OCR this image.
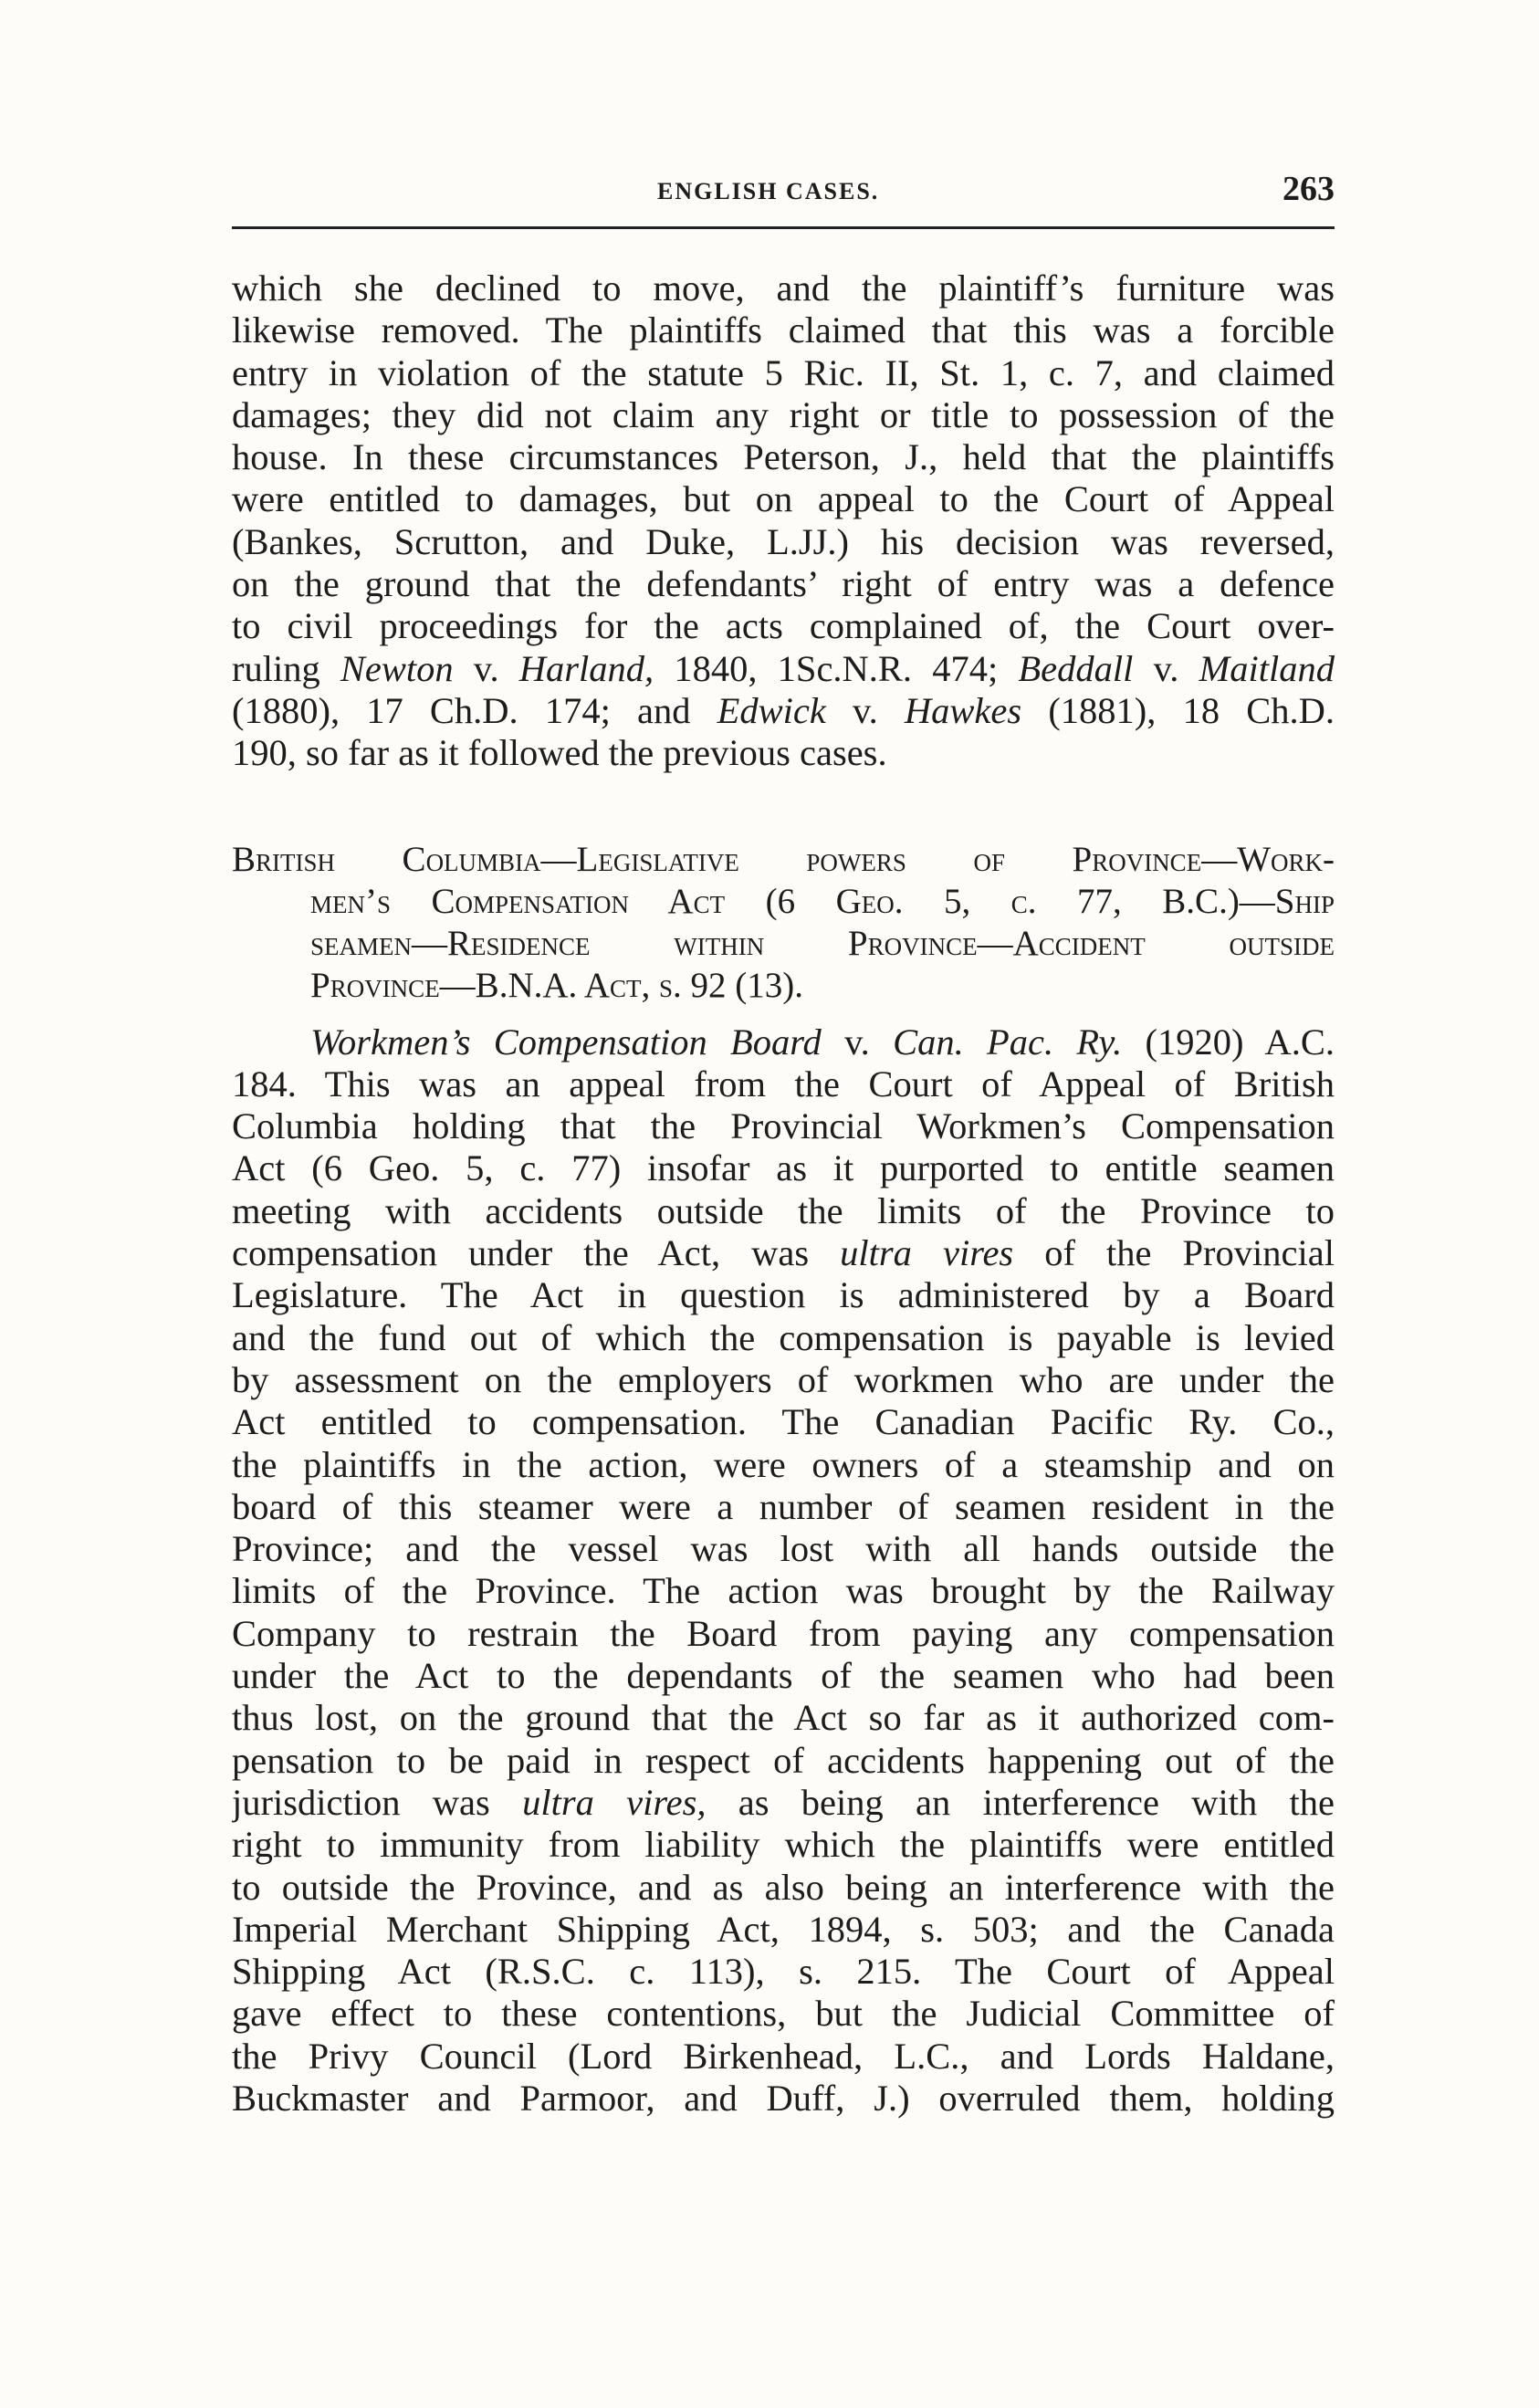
ENGLISH CASES.	263
which she declined to move, and the plaintiff’s furniture was
likewise removed. The plaintiffs claimed that this was a forcible
entry in violation of the statute 5 Ric. II, St. 1, c. 7, and claimed
damages; they did not claim any right or title to possession of the
house. In these circumstances Peterson, J., held that the plaintiffs
were entitled to damages, but on appeal to the Court of Appeal
(Bankes, Scrutton, and Duke, L.JJ.) his decision was reversed,
on the ground that the defendants’ right of entry was a defence
to civil proceedings for the acts complained of, the Court over-
ruling Newton v. Harland, 1840, 1Sc.N.R. 474; Beddall v. Maitland
(1880), 17 Ch.D. 174; and Edwick v. Hawkes (1881), 18 Ch.D.
190, so far as it followed the previous cases.
British Columbia—Legislative powers of Province—Work-
men’s Compensation Act (6 Geo. 5, c. 77, B.C.)—Ship
seamen—Residence within Province—Accident outside
Province—B.N.A. Act, s. 92 (13).
Workmen’s Compensation Board v. Can. Pac. Ry. (1920) A.C.
184. This was an appeal from the Court of Appeal of British
Columbia holding that the Provincial Workmen’s Compensation
Act (6 Geo. 5, c. 77) insofar as it purported to entitle seamen
meeting with accidents outside the limits of the Province to
compensation under the Act, was ultra vires of the Provincial
Legislature. The Act in question is administered by a Board
and the fund out of which the compensation is payable is levied
by assessment on the employers of workmen who are under the
Act entitled to compensation. The Canadian Pacific Ry. Co.,
the plaintiffs in the action, were owners of a steamship and on
board of this steamer were a number of seamen resident in the
Province; and the vessel was lost with all hands outside the
limits of the Province. The action was brought by the Railway
Company to restrain the Board from paying any compensation
under the Act to the dependants of the seamen who had been
thus lost, on the ground that the Act so far as it authorized com-
pensation to be paid in respect of accidents happening out of the
jurisdiction was ultra vires, as being an interference with the
right to immunity from liability which the plaintiffs were entitled
to outside the Province, and as also being an interference with the
Imperial Merchant Shipping Act, 1894, s. 503; and the Canada
Shipping Act (R.S.C. c. 113), s. 215. The Court of Appeal
gave effect to these contentions, but the Judicial Committee of
the Privy Council (Lord Birkenhead, L.C., and Lords Haldane,
Buckmaster and Parmoor, and Duff, J.) overruled them, holding
